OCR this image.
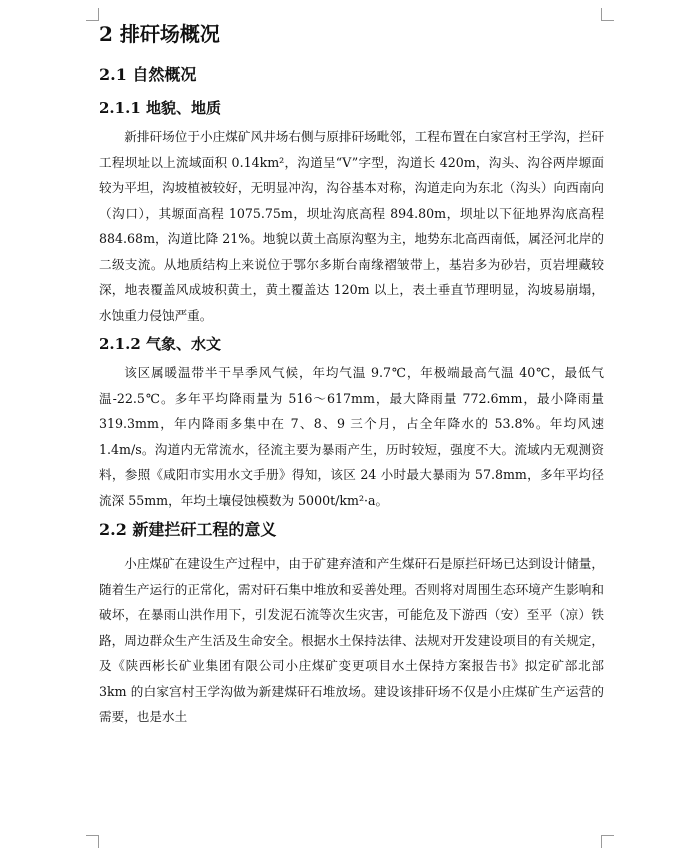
2 排矸场概况
2.1 自然概况
2.1.1 地貌、地质

新排矸场位于小庄煤矿风井场右侧与原排矸场毗邻，工程布置在白家宫村王学沟，拦矸工程坝址以上流域面积 0.14km²，沟道呈“V”字型，沟道长 420m，沟头、沟谷两岸塬面较为平坦，沟坡植被较好，无明显冲沟，沟谷基本对称，沟道走向为东北（沟头）向西南向（沟口），其塬面高程 1075.75m，坝址沟底高程 894.80m，坝址以下征地界沟底高程 884.68m，沟道比降 21%。地貌以黄土高原沟壑为主，地势东北高西南低，属泾河北岸的二级支流。从地质结构上来说位于鄂尔多斯台南缘褶皱带上，基岩多为砂岩，页岩埋藏较深，地表覆盖风成坡积黄土，黄土覆盖达 120m 以上，表土垂直节理明显，沟坡易崩塌，水蚀重力侵蚀严重。

2.1.2 气象、水文

该区属暖温带半干旱季风气候，年均气温 9.7℃，年极端最高气温 40℃，最低气温-22.5℃。多年平均降雨量为 516～617mm，最大降雨量 772.6mm，最小降雨量 319.3mm，年内降雨多集中在 7、8、9 三个月，占全年降水的 53.8%。年均风速 1.4m/s。沟道内无常流水，径流主要为暴雨产生，历时较短，强度不大。流域内无观测资料，参照《咸阳市实用水文手册》得知，该区 24 小时最大暴雨为 57.8mm，多年平均径流深 55mm，年均土壤侵蚀模数为 5000t/km²·a。

2.2 新建拦矸工程的意义

小庄煤矿在建设生产过程中，由于矿建弃渣和产生煤矸石是原拦矸场已达到设计储量，随着生产运行的正常化，需对矸石集中堆放和妥善处理。否则将对周围生态环境产生影响和破坏，在暴雨山洪作用下，引发泥石流等次生灾害，可能危及下游西（安）至平（凉）铁路，周边群众生产生活及生命安全。根据水土保持法律、法规对开发建设项目的有关规定，及《陕西彬长矿业集团有限公司小庄煤矿变更项目水土保持方案报告书》拟定矿部北部 3km 的白家宫村王学沟做为新建煤矸石堆放场。建设该排矸场不仅是小庄煤矿生产运营的需要，也是水土
